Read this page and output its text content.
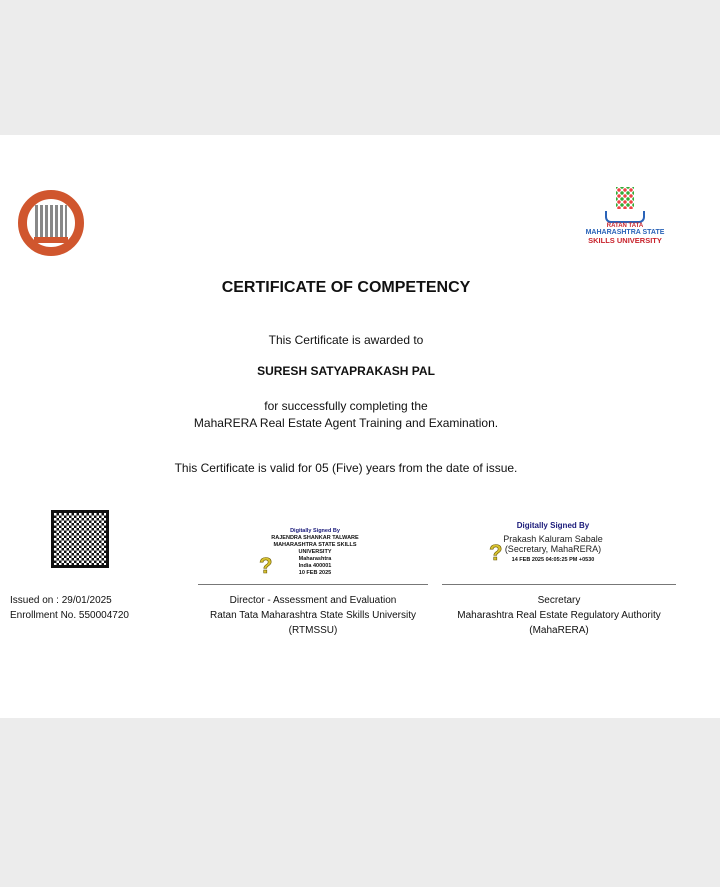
RATAN TATA
MAHARASHTRA STATE
SKILLS UNIVERSITY
CERTIFICATE OF COMPETENCY
This Certificate is awarded to
SURESH SATYAPRAKASH PAL
for successfully completing the
MahaRERA Real Estate Agent Training and Examination.
This Certificate is valid for 05 (Five) years from the date of issue.
Digitally Signed By
RAJENDRA SHANKAR TALWARE
MAHARASHTRA STATE SKILLS
UNIVERSITY
Maharashtra
India 400001
10 FEB 2025
?
Digitally Signed By
Prakash Kaluram Sabale
(Secretary, MahaRERA)
14 FEB 2025 04:05:25 PM +0530
?
Issued on : 29/01/2025
Enrollment No. 550004720
Director - Assessment and Evaluation
Ratan Tata Maharashtra State Skills University
(RTMSSU)
Secretary
Maharashtra Real Estate Regulatory Authority
(MahaRERA)
